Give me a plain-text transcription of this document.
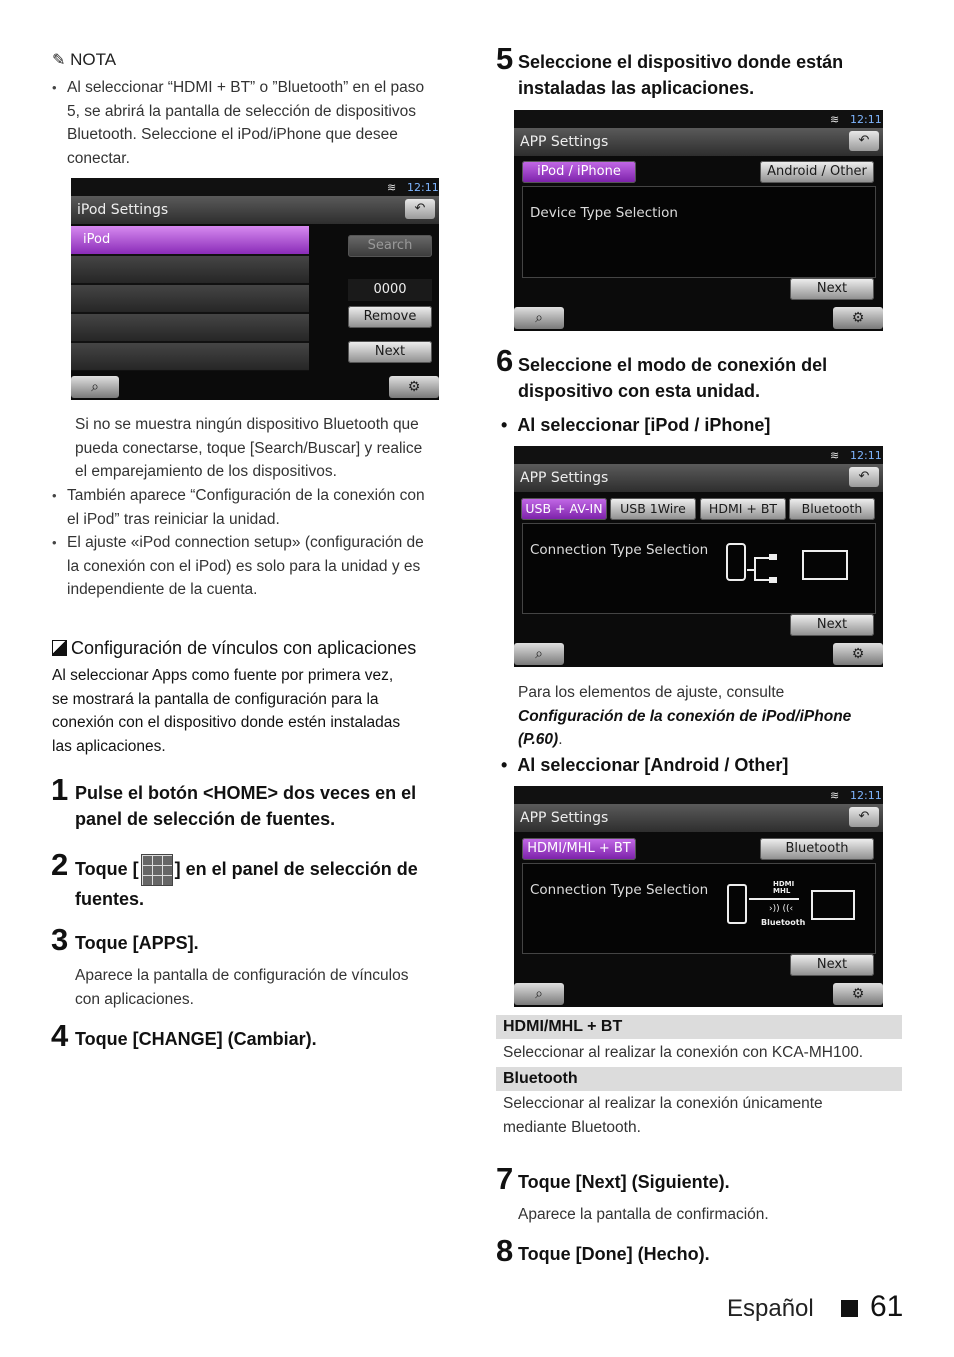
✎ NOTA
• Al seleccionar “HDMI + BT” o ”Bluetooth” en el paso
5, se abrirá la pantalla de selección de dispositivos
Bluetooth. Seleccione el iPod/iPhone que desee
conectar.
≋ 12:11
iPod Settings	↶
iPod	Search
0000
Remove
Next
⌕	⚙
Si no se muestra ningún dispositivo Bluetooth que
pueda conectarse, toque [Search/Buscar] y realice
el emparejamiento de los dispositivos.
• También aparece “Configuración de la conexión con
el iPod” tras reiniciar la unidad.
• El ajuste «iPod connection setup» (configuración de
la conexión con el iPod) es solo para la unidad y es
independiente de la cuenta.
Configuración de vínculos con aplicaciones
Al seleccionar Apps como fuente por primera vez,
se mostrará la pantalla de configuración para la
conexión con el dispositivo donde estén instaladas
las aplicaciones.
1 Pulse el botón <HOME> dos veces en el
panel de selección de fuentes.
2 Toque [ ] en el panel de selección de
fuentes.
3 Toque [APPS].
Aparece la pantalla de configuración de vínculos
con aplicaciones.
4 Toque [CHANGE] (Cambiar).
5 Seleccione el dispositivo donde están
instaladas las aplicaciones.
≋ 12:11
APP Settings	↶
iPod / iPhone	Android / Other
Device Type Selection
Next
⌕	⚙
6 Seleccione el modo de conexión del
dispositivo con esta unidad.
•  Al seleccionar [iPod / iPhone]
≋ 12:11
APP Settings	↶
USB + AV-IN	USB 1Wire	HDMI + BT	Bluetooth
Connection Type Selection
Next
⌕	⚙
Para los elementos de ajuste, consulte
Configuración de la conexión de iPod/iPhone
(P.60).
•  Al seleccionar [Android / Other]
≋ 12:11
APP Settings	↶
HDMI/MHL + BT	Bluetooth
Connection Type Selection	HDMI
MHL
›)) ((‹
Bluetooth
Next
⌕	⚙
HDMI/MHL + BT
Seleccionar al realizar la conexión con KCA-MH100.
Bluetooth
Seleccionar al realizar la conexión únicamente
mediante Bluetooth.
7 Toque [Next] (Siguiente).
Aparece la pantalla de confirmación.
8 Toque [Done] (Hecho).
Español 61
